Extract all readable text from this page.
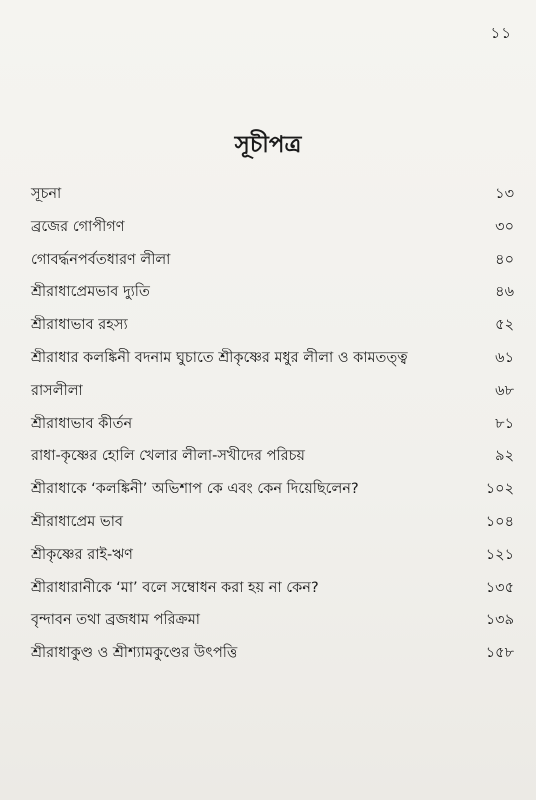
১১
সূচীপত্র
সূচনা	১৩
ব্রজের গোপীগণ	৩০
গোবর্দ্ধনপর্বতধারণ লীলা	৪০
শ্রীরাধাপ্রেমভাব দ্যুতি	৪৬
শ্রীরাধাভাব রহস্য	৫২
শ্রীরাধার কলঙ্কিনী বদনাম ঘুচাতে শ্রীকৃষ্ণের মধুর লীলা ও কামতত্ত্ব	৬১
রাসলীলা	৬৮
শ্রীরাধাভাব কীর্তন	৮১
রাধা-কৃষ্ণের হোলি খেলার লীলা-সখীদের পরিচয়	৯২
শ্রীরাধাকে ‘কলঙ্কিনী’ অভিশাপ কে এবং কেন দিয়েছিলেন?	১০২
শ্রীরাধাপ্রেম ভাব	১০৪
শ্রীকৃষ্ণের রাই-ঋণ	১২১
শ্রীরাধারানীকে ‘মা’ বলে সম্বোধন করা হয় না কেন?	১৩৫
বৃন্দাবন তথা ব্রজধাম পরিক্রমা	১৩৯
শ্রীরাধাকুণ্ড ও শ্রীশ্যামকুণ্ডের উৎপত্তি	১৫৮
